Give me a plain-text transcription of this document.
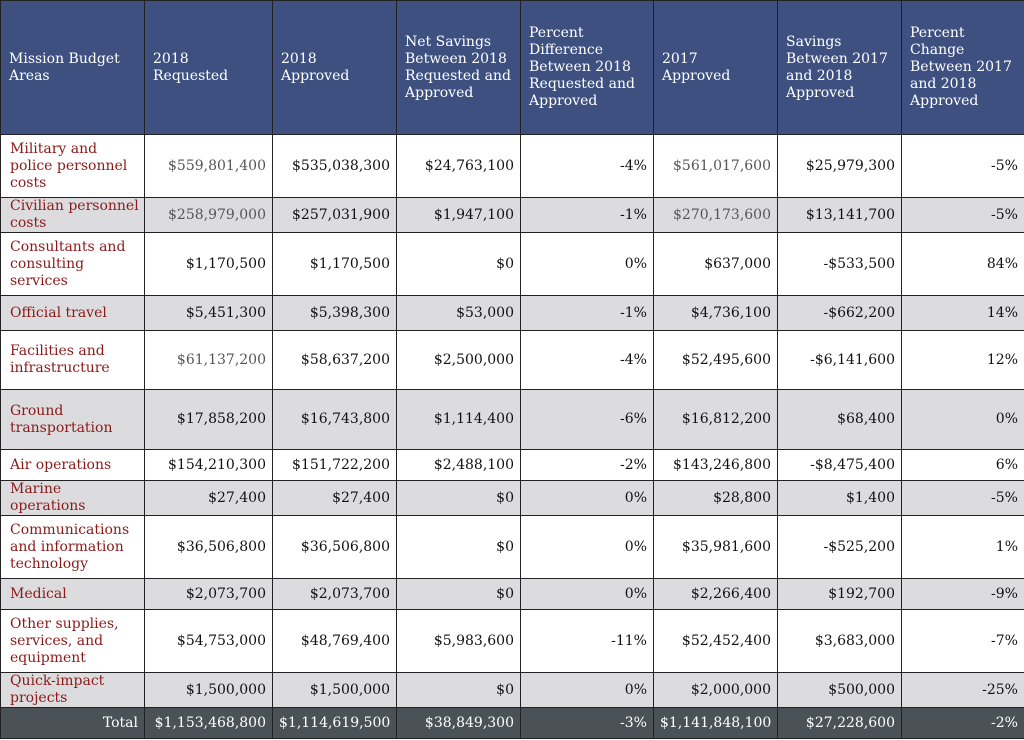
Mission Budget Areas	2018 Requested	2018 Approved	Net Savings Between 2018 Requested and Approved	Percent Difference Between 2018 Requested and Approved	2017 Approved	Savings Between 2017 and 2018 Approved	Percent Change Between 2017 and 2018 Approved
Military and police personnel costs	$559,801,400	$535,038,300	$24,763,100	-4%	$561,017,600	$25,979,300	-5%
Civilian personnel costs	$258,979,000	$257,031,900	$1,947,100	-1%	$270,173,600	$13,141,700	-5%
Consultants and consulting services	$1,170,500	$1,170,500	$0	0%	$637,000	-$533,500	84%
Official travel	$5,451,300	$5,398,300	$53,000	-1%	$4,736,100	-$662,200	14%
Facilities and infrastructure	$61,137,200	$58,637,200	$2,500,000	-4%	$52,495,600	-$6,141,600	12%
Ground transportation	$17,858,200	$16,743,800	$1,114,400	-6%	$16,812,200	$68,400	0%
Air operations	$154,210,300	$151,722,200	$2,488,100	-2%	$143,246,800	-$8,475,400	6%
Marine operations	$27,400	$27,400	$0	0%	$28,800	$1,400	-5%
Communications and information technology	$36,506,800	$36,506,800	$0	0%	$35,981,600	-$525,200	1%
Medical	$2,073,700	$2,073,700	$0	0%	$2,266,400	$192,700	-9%
Other supplies, services, and equipment	$54,753,000	$48,769,400	$5,983,600	-11%	$52,452,400	$3,683,000	-7%
Quick-impact projects	$1,500,000	$1,500,000	$0	0%	$2,000,000	$500,000	-25%
Total	$1,153,468,800	$1,114,619,500	$38,849,300	-3%	$1,141,848,100	$27,228,600	-2%
